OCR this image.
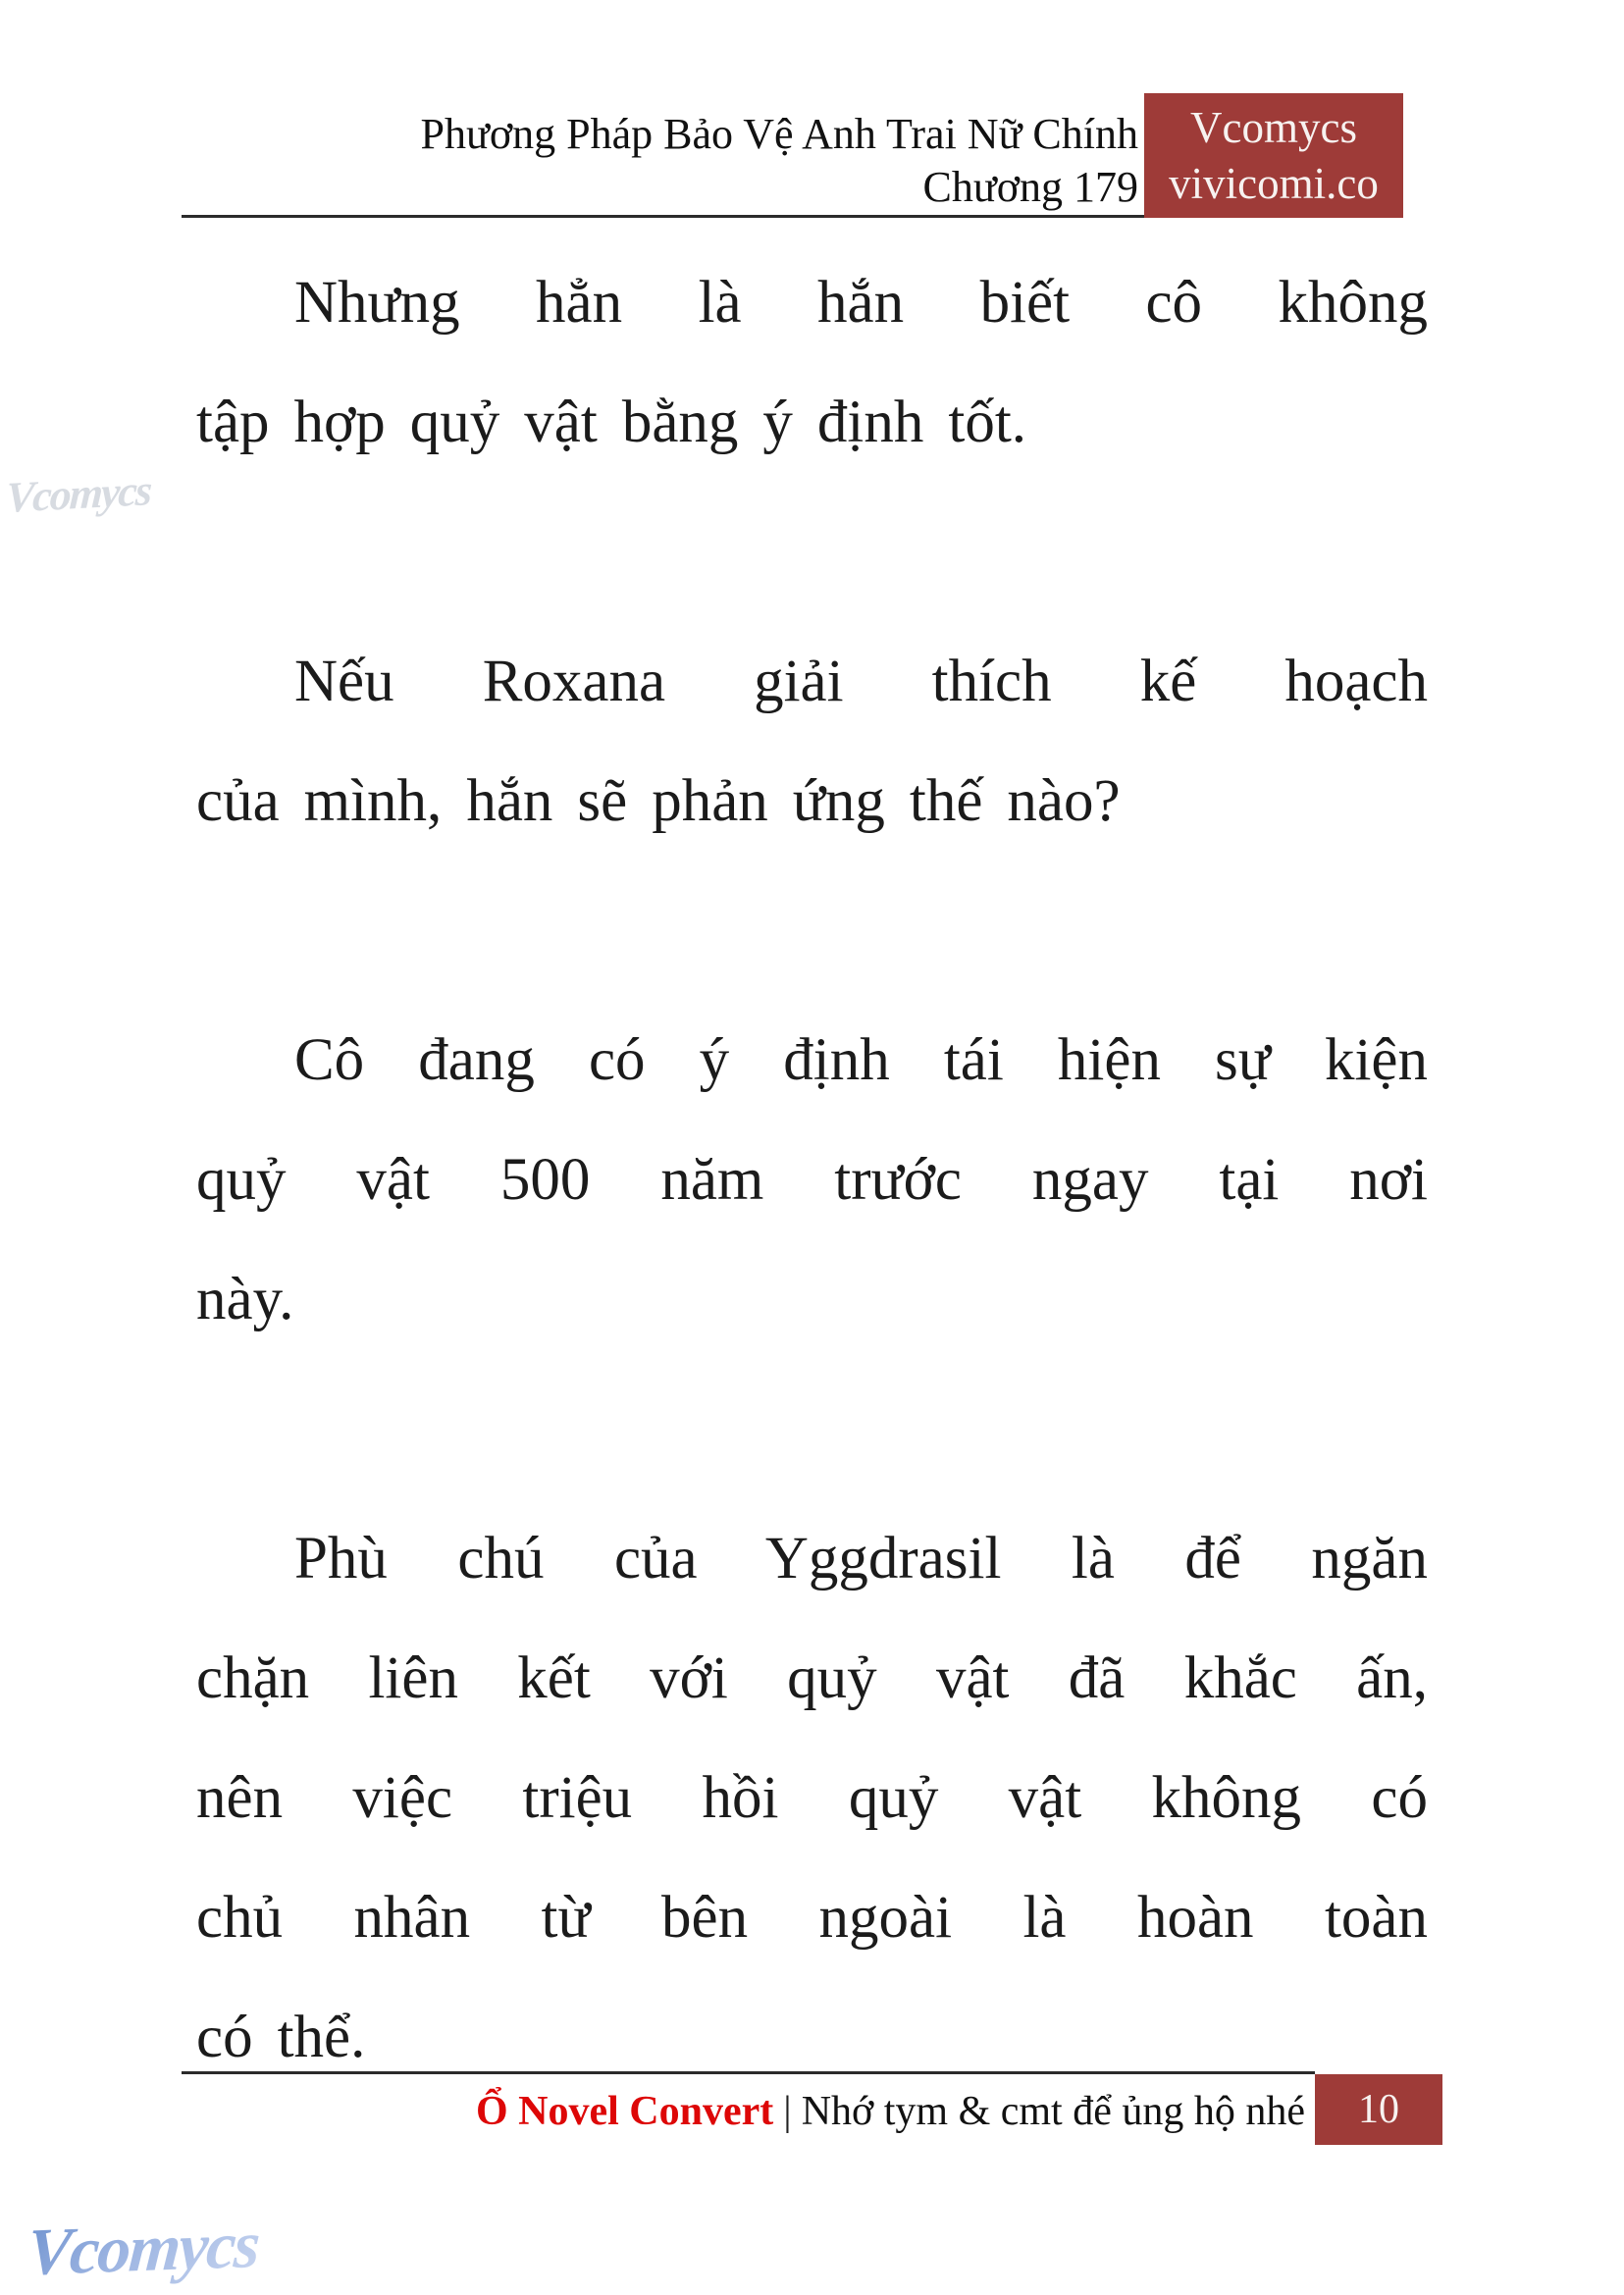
Phương Pháp Bảo Vệ Anh Trai Nữ Chính
Chương 179
Vcomycs
vivicomi.co

Nhưng hẳn là hắn biết cô không
tập hợp quỷ vật bằng ý định tốt.

Nếu Roxana giải thích kế hoạch
của mình, hắn sẽ phản ứng thế nào?

Cô đang có ý định tái hiện sự kiện
quỷ vật 500 năm trước ngay tại nơi
này.

Phù chú của Yggdrasil là để ngăn
chặn liên kết với quỷ vật đã khắc ấn,
nên việc triệu hồi quỷ vật không có
chủ nhân từ bên ngoài là hoàn toàn
có thể.

Ổ Novel Convert | Nhớ tym & cmt để ủng hộ nhé 10
Vcomycs
Vcomycs
